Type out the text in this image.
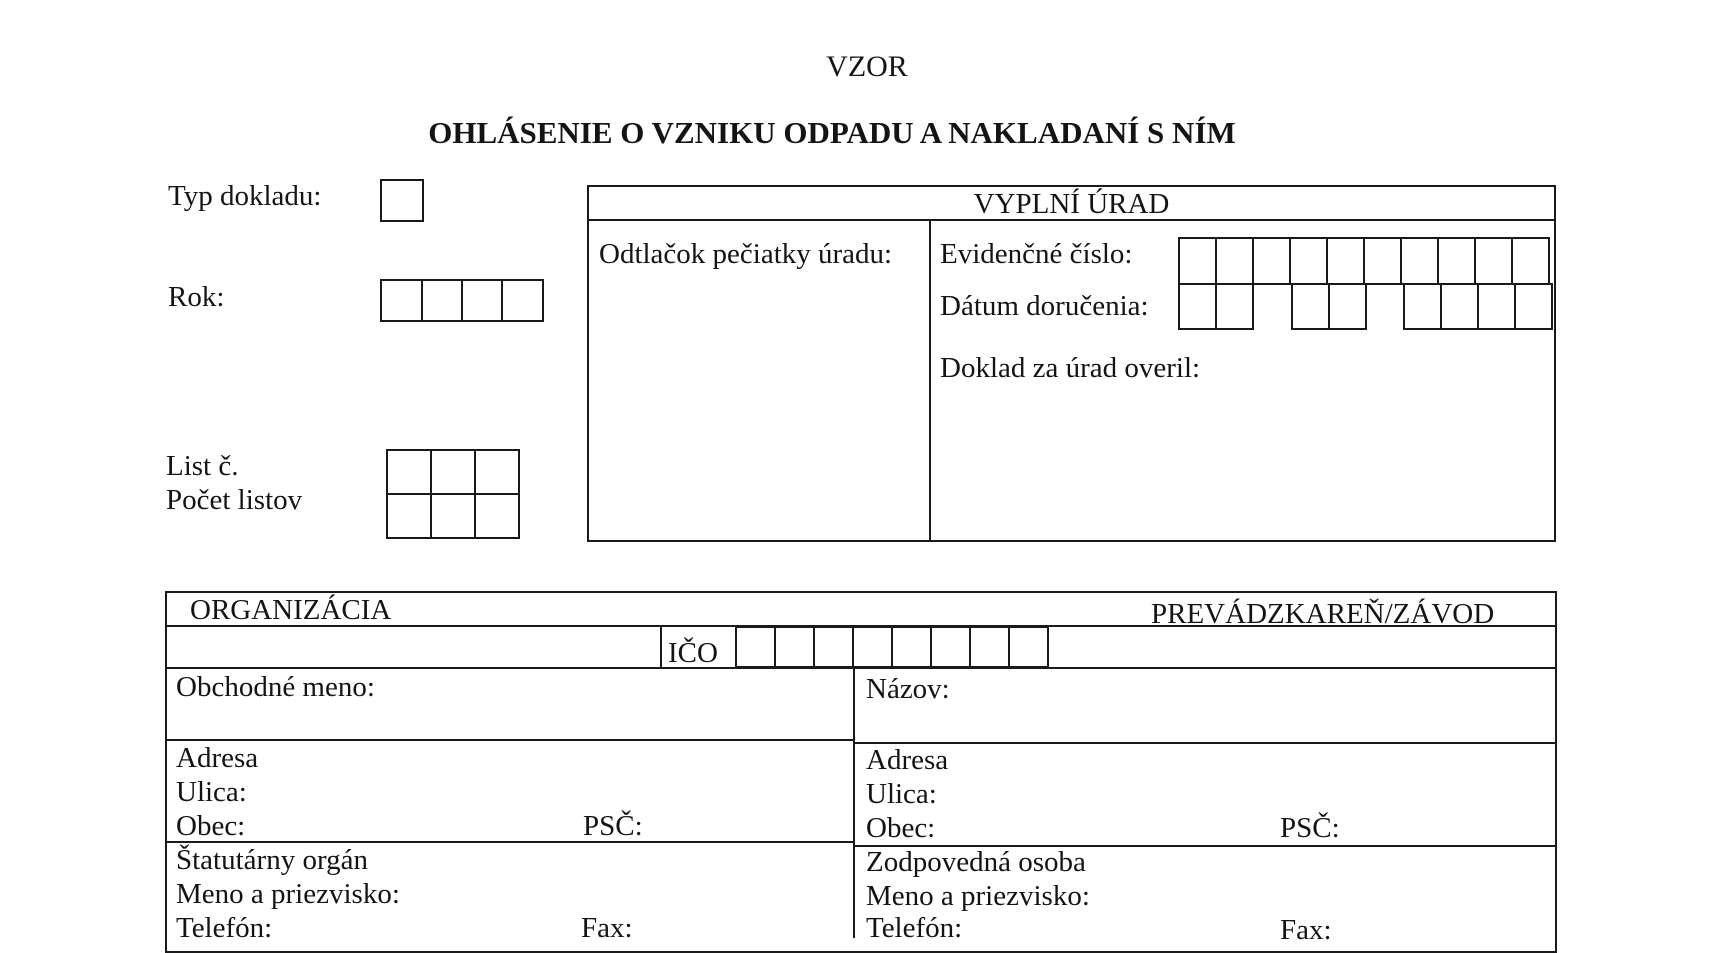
VZOR
OHLÁSENIE O VZNIKU ODPADU A NAKLADANÍ S NÍM
Typ dokladu:
Rok:
List č.
Počet listov
VYPLNÍ ÚRAD
Odtlačok pečiatky úradu: Evidenčné číslo:
Dátum doručenia:
Doklad za úrad overil:
ORGANIZÁCIA	PREVÁDZKAREŇ/ZÁVOD
IČO
Obchodné meno:	Názov:
Adresa
Ulica:
Obec:	PSČ:
Adresa
Ulica:
Obec:	PSČ:
Štatutárny orgán
Meno a priezvisko:
Telefón:	Fax:
Zodpovedná osoba
Meno a priezvisko:
Telefón:	Fax:
